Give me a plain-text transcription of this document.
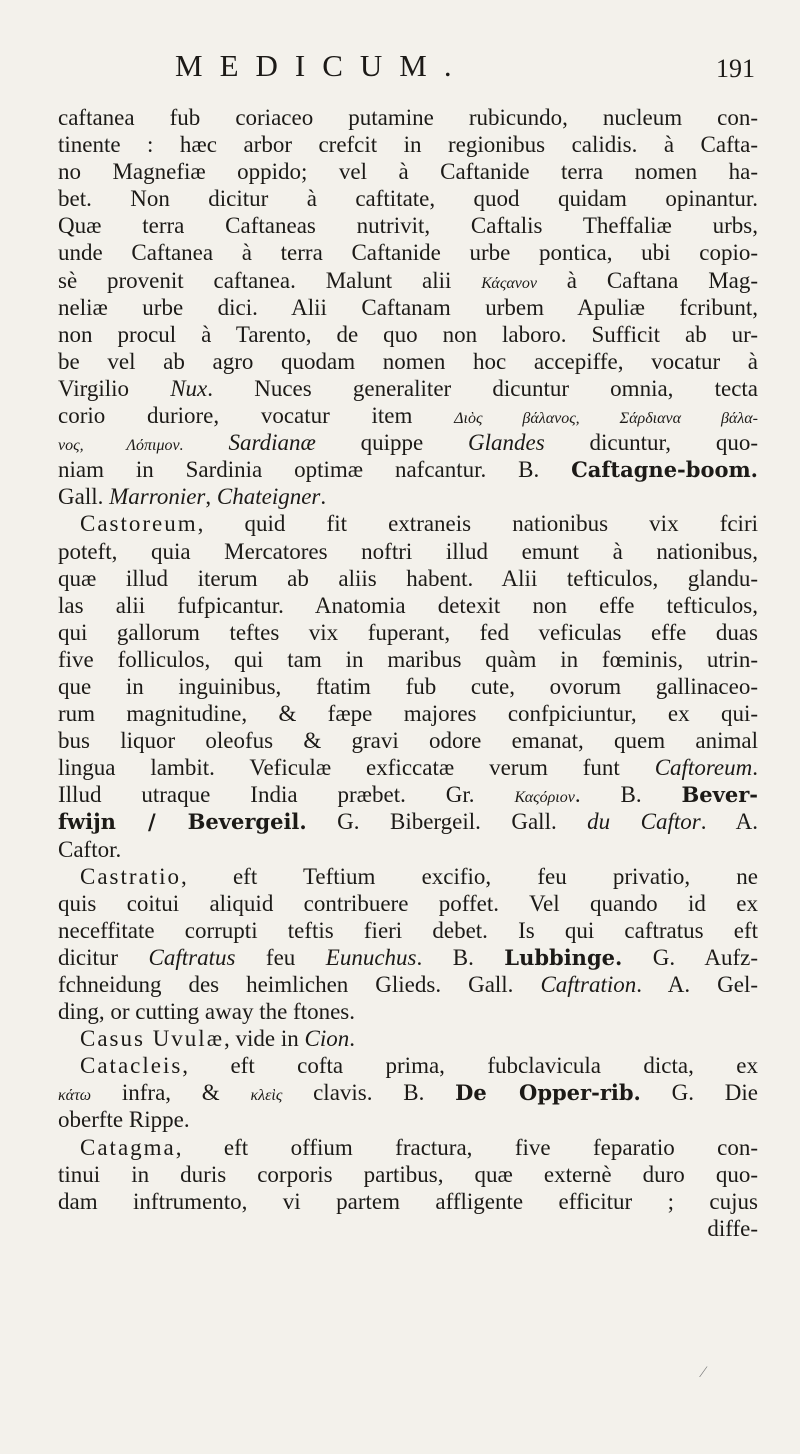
MEDICUM.	191
caftanea fub coriaceo putamine rubicundo, nucleum con-
tinente : hæc arbor crefcit in regionibus calidis. à Cafta-
no Magnefiæ oppido; vel à Caftanide terra nomen ha-
bet. Non dicitur à caftitate, quod quidam opinantur.
Quæ terra Caftaneas nutrivit, Caftalis Theffaliæ urbs,
unde Caftanea à terra Caftanide urbe pontica, ubi copio-
sè provenit caftanea. Malunt alii Κάςανον à Caftana Mag-
neliæ urbe dici. Alii Caftanam urbem Apuliæ fcribunt,
non procul à Tarento, de quo non laboro. Sufficit ab ur-
be vel ab agro quodam nomen hoc accepiffe, vocatur à
Virgilio Nux. Nuces generaliter dicuntur omnia, tecta
corio duriore, vocatur item Διὸς βάλανος, Σάρδιανα βάλα-
νος, Λόπιμον. Sardianæ quippe Glandes dicuntur, quo-
niam in Sardinia optimæ nafcantur. B. Caftagne-boom.
Gall. Marronier, Chateigner.
Castoreum, quid fit extraneis nationibus vix fciri
poteft, quia Mercatores noftri illud emunt à nationibus,
quæ illud iterum ab aliis habent. Alii tefticulos, glandu-
las alii fufpicantur. Anatomia detexit non effe tefticulos,
qui gallorum teftes vix fuperant, fed veficulas effe duas
five folliculos, qui tam in maribus quàm in fœminis, utrin-
que in inguinibus, ftatim fub cute, ovorum gallinaceo-
rum magnitudine, & fæpe majores confpiciuntur, ex qui-
bus liquor oleofus & gravi odore emanat, quem animal
lingua lambit. Veficulæ exficcatæ verum funt Caftoreum.
Illud utraque India præbet. Gr. Καςόριον. B. Bever-
fwijn / Bevergeil. G. Bibergeil. Gall. du Caftor. A.
Caftor.
Castratio, eft Teftium excifio, feu privatio, ne
quis coitui aliquid contribuere poffet. Vel quando id ex
neceffitate corrupti teftis fieri debet. Is qui caftratus eft
dicitur Caftratus feu Eunuchus. B. Lubbinge. G. Aufz-
fchneidung des heimlichen Glieds. Gall. Caftration. A. Gel-
ding, or cutting away the ftones.
Casus Uvulæ, vide in Cion.
Catacleis, eft cofta prima, fubclavicula dicta, ex
κάτω infra, & κλεὶς clavis. B. De Opper-rib. G. Die
oberfte Rippe.
Catagma, eft offium fractura, five feparatio con-
tinui in duris corporis partibus, quæ externè duro quo-
dam inftrumento, vi partem affligente efficitur ; cujus
diffe-
⁄
